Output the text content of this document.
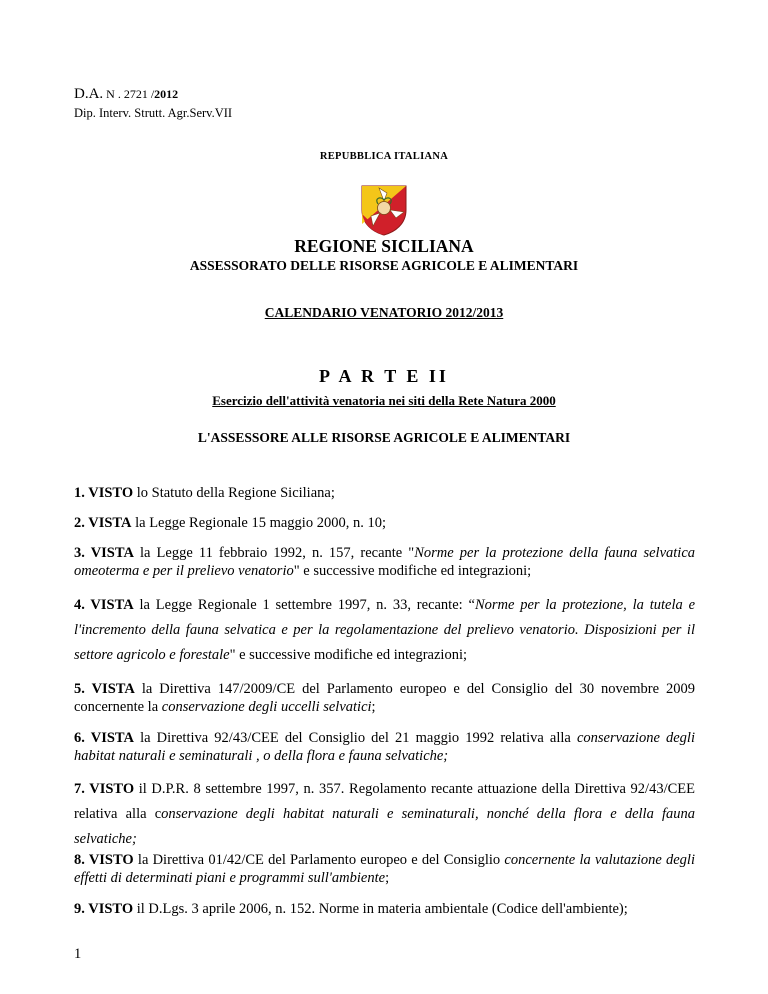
D.A. N . 2721 /2012
Dip. Interv. Strutt. Agr.Serv.VII
REPUBBLICA ITALIANA
REGIONE SICILIANA
ASSESSORATO DELLE RISORSE AGRICOLE E ALIMENTARI
CALENDARIO VENATORIO 2012/2013
P A R T E II
Esercizio dell'attività venatoria nei siti della Rete Natura 2000
L'ASSESSORE ALLE RISORSE AGRICOLE E ALIMENTARI
1. VISTO lo Statuto della Regione Siciliana;
2. VISTA la Legge Regionale 15 maggio 2000, n. 10;
3. VISTA la Legge 11 febbraio 1992, n. 157, recante "Norme per la protezione della fauna selvatica omeoterma e per il prelievo venatorio" e successive modifiche ed integrazioni;
4. VISTA la Legge Regionale 1 settembre 1997, n. 33, recante: “Norme per la protezione, la tutela e l'incremento della fauna selvatica e per la regolamentazione del prelievo venatorio. Disposizioni per il settore agricolo e forestale" e successive modifiche ed integrazioni;
5. VISTA la Direttiva 147/2009/CE del Parlamento europeo e del Consiglio del 30 novembre 2009 concernente la conservazione degli uccelli selvatici;
6. VISTA la Direttiva 92/43/CEE del Consiglio del 21 maggio 1992 relativa alla conservazione degli habitat naturali e seminaturali , o della flora e fauna selvatiche;
7. VISTO il D.P.R. 8 settembre 1997, n. 357. Regolamento recante attuazione della Direttiva 92/43/CEE relativa alla conservazione degli habitat naturali e seminaturali, nonché della flora e della fauna selvatiche;
8. VISTO la Direttiva 01/42/CE del Parlamento europeo e del Consiglio concernente la valutazione degli effetti di determinati piani e programmi sull'ambiente;
9. VISTO il D.Lgs. 3 aprile 2006, n. 152. Norme in materia ambientale (Codice dell'ambiente);
1
